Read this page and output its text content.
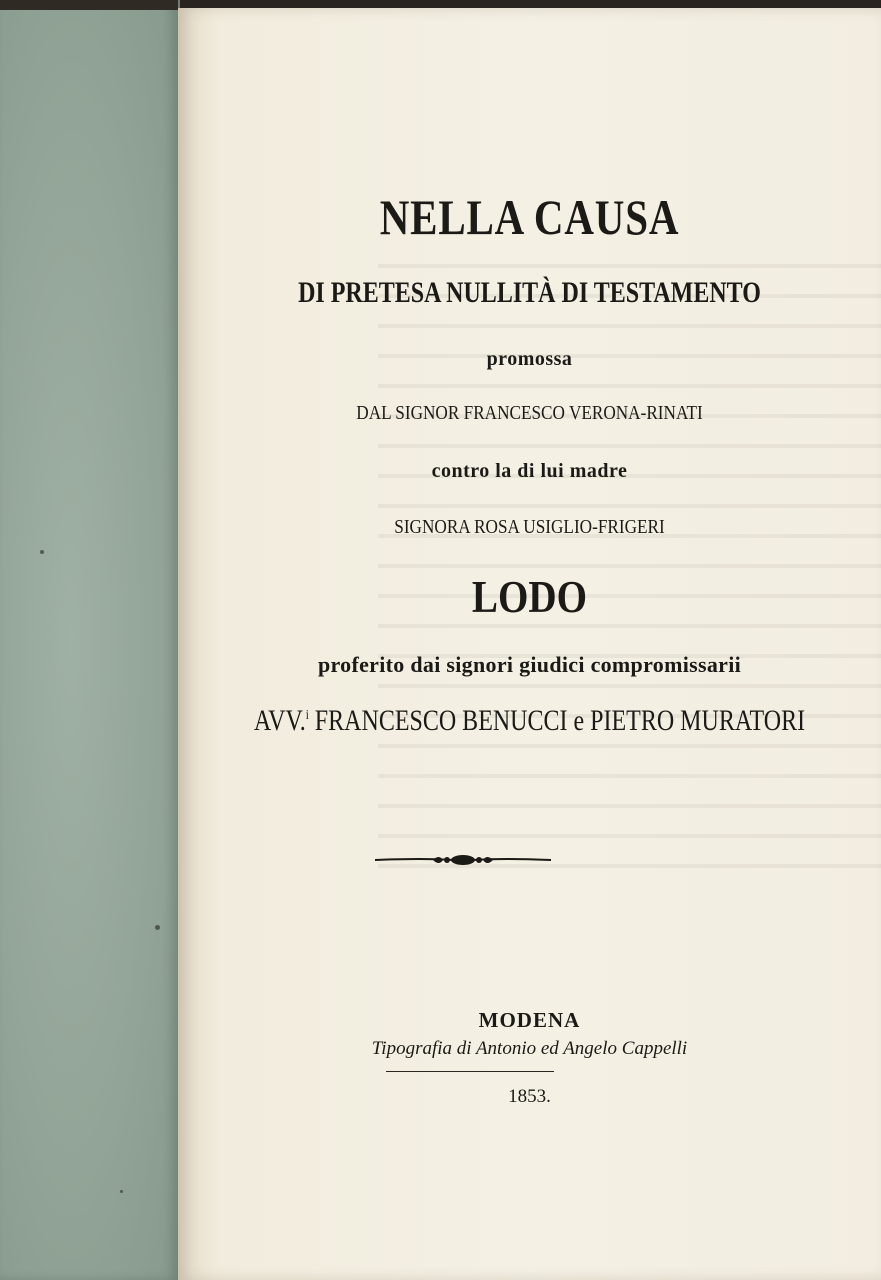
NELLA CAUSA

DI PRETESA NULLITÀ DI TESTAMENTO

promossa

DAL SIGNOR FRANCESCO VERONA-RINATI

contro la di lui madre

SIGNORA ROSA USIGLIO-FRIGERI

LODO

proferito dai signori giudici compromissarii

AVV.$^i$ FRANCESCO BENUCCI e PIETRO MURATORI

MODENA

Tipografia di Antonio ed Angelo Cappelli

1853.
